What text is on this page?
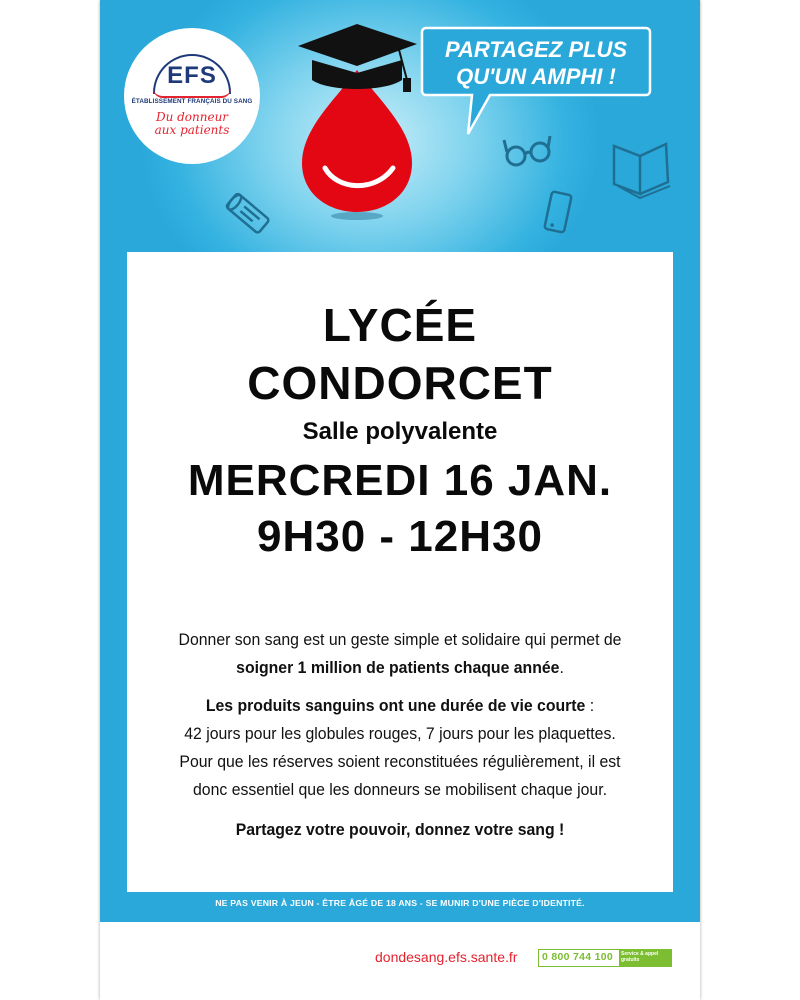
EFS
ÉTABLISSEMENT FRANÇAIS DU SANG
Du donneur
aux patients
PARTAGEZ PLUS
QU'UN AMPHI !
LYCÉE
CONDORCET
Salle polyvalente
MERCREDI 16 JAN.
9H30 - 12H30
Donner son sang est un geste simple et solidaire qui permet de
soigner 1 million de patients chaque année.
Les produits sanguins ont une durée de vie courte :
42 jours pour les globules rouges, 7 jours pour les plaquettes.
Pour que les réserves soient reconstituées régulièrement, il est
donc essentiel que les donneurs se mobilisent chaque jour.
Partagez votre pouvoir, donnez votre sang !
NE PAS VENIR À JEUN - ÊTRE ÂGÉ DE 18 ANS - SE MUNIR D'UNE PIÈCE D'IDENTITÉ.
dondesang.efs.sante.fr 0 800 744 100	Service & appel gratuits
